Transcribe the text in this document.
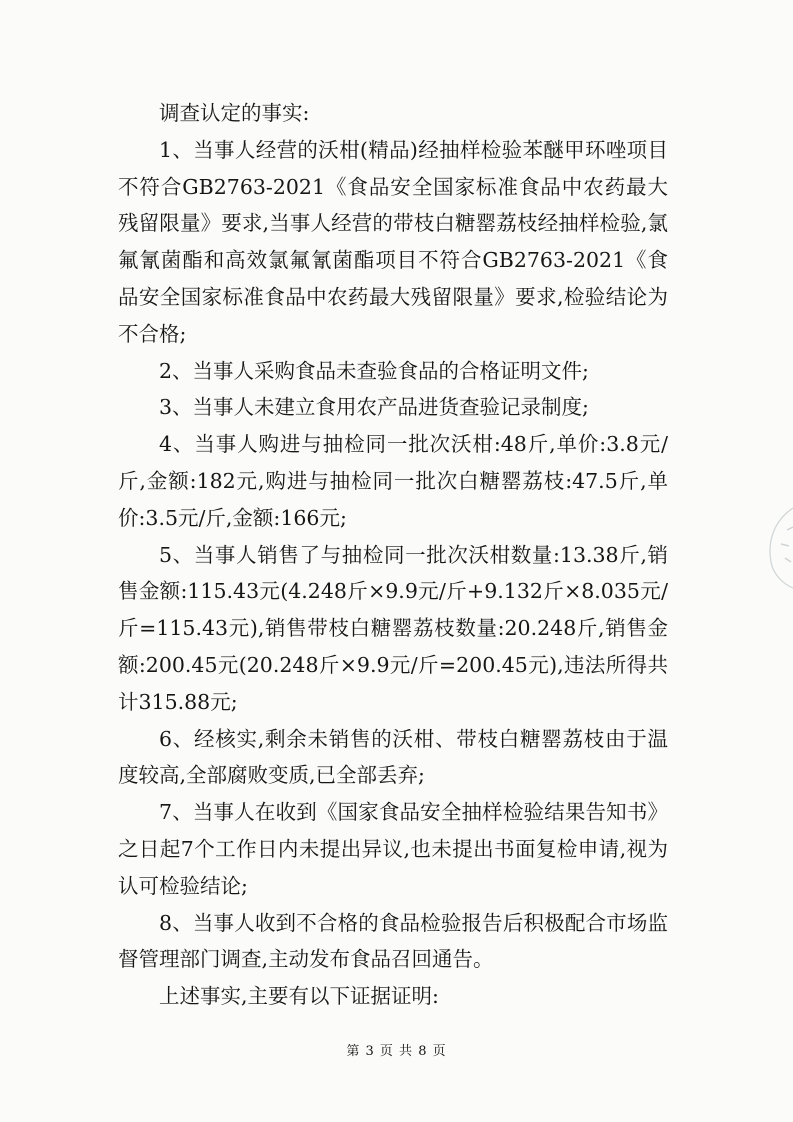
调查认定的事实:

1、当事人经营的沃柑(精品)经抽样检验苯醚甲环唑项目不符合GB2763-2021《食品安全国家标准食品中农药最大残留限量》要求,当事人经营的带枝白糖罂荔枝经抽样检验,氯氟氰菌酯和高效氯氟氰菌酯项目不符合GB2763-2021《食品安全国家标准食品中农药最大残留限量》要求,检验结论为不合格;

2、当事人采购食品未查验食品的合格证明文件;

3、当事人未建立食用农产品进货查验记录制度;

4、当事人购进与抽检同一批次沃柑:48斤,单价:3.8元/斤,金额:182元,购进与抽检同一批次白糖罂荔枝:47.5斤,单价:3.5元/斤,金额:166元;

5、当事人销售了与抽检同一批次沃柑数量:13.38斤,销售金额:115.43元(4.248斤×9.9元/斤+9.132斤×8.035元/斤=115.43元),销售带枝白糖罂荔枝数量:20.248斤,销售金额:200.45元(20.248斤×9.9元/斤=200.45元),违法所得共计315.88元;

6、经核实,剩余未销售的沃柑、带枝白糖罂荔枝由于温度较高,全部腐败变质,已全部丢弃;

7、当事人在收到《国家食品安全抽样检验结果告知书》之日起7个工作日内未提出异议,也未提出书面复检申请,视为认可检验结论;

8、当事人收到不合格的食品检验报告后积极配合市场监督管理部门调查,主动发布食品召回通告。

上述事实,主要有以下证据证明:

第 3 页 共 8 页
